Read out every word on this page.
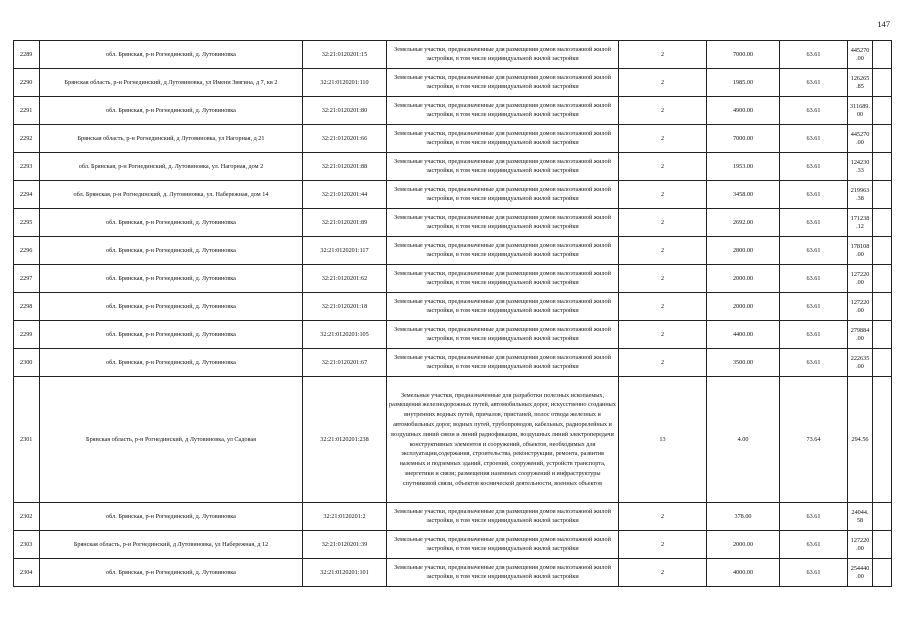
147
2289	обл. Брянская, р-н Рогнединский, д. Лутовиновка	32:21:0120201:15	Земельные участки, предназначенные для размещения домов малоэтажной жилой застройки, в том числе индивидуальной жилой застройки	2	7000.00	63.61	445270.00	
2290	Брянская область, р-н Рогнединский, д Лутовиновка, ул Имени Звягина, д 7, кв 2	32:21:0120201:110	Земельные участки, предназначенные для размещения домов малоэтажной жилой застройки, в том числе индивидуальной жилой застройки	2	1985.00	63.61	126265.85	
2291	обл. Брянская, р-н Рогнединский, д. Лутовиновка	32:21:0120201:80	Земельные участки, предназначенные для размещения домов малоэтажной жилой застройки, в том числе индивидуальной жилой застройки	2	4900.00	63.61	311689.00	
2292	Брянская область, р-н Рогнединский, д Лутовиновка, ул Нагорная, д 21	32:21:0120201:66	Земельные участки, предназначенные для размещения домов малоэтажной жилой застройки, в том числе индивидуальной жилой застройки	2	7000.00	63.61	445270.00	
2293	обл. Брянская, р-н Рогнединский, д. Лутовиновка, ул. Нагорная, дом 2	32:21:0120201:88	Земельные участки, предназначенные для размещения домов малоэтажной жилой застройки, в том числе индивидуальной жилой застройки	2	1953.00	63.61	124230.33	
2294	обл. Брянская, р-н Рогнединский, д. Лутовиновка, ул. Набережная, дом 14	32:21:0120201:44	Земельные участки, предназначенные для размещения домов малоэтажной жилой застройки, в том числе индивидуальной жилой застройки	2	3458.00	63.61	219963.38	
2295	обл. Брянская, р-н Рогнединский, д. Лутовиновка	32:21:0120201:89	Земельные участки, предназначенные для размещения домов малоэтажной жилой застройки, в том числе индивидуальной жилой застройки	2	2692.00	63.61	171238.12	
2296	обл. Брянская, р-н Рогнединский, д. Лутовиновка	32:21:0120201:117	Земельные участки, предназначенные для размещения домов малоэтажной жилой застройки, в том числе индивидуальной жилой застройки	2	2800.00	63.61	178108.00	
2297	обл. Брянская, р-н Рогнединский, д. Лутовиновка	32:21:0120201:62	Земельные участки, предназначенные для размещения домов малоэтажной жилой застройки, в том числе индивидуальной жилой застройки	2	2000.00	63.61	127220.00	
2298	обл. Брянская, р-н Рогнединский, д. Лутовиновка	32:21:0120201:18	Земельные участки, предназначенные для размещения домов малоэтажной жилой застройки, в том числе индивидуальной жилой застройки	2	2000.00	63.61	127220.00	
2299	обл. Брянская, р-н Рогнединский, д. Лутовиновка	32:21:0120201:105	Земельные участки, предназначенные для размещения домов малоэтажной жилой застройки, в том числе индивидуальной жилой застройки	2	4400.00	63.61	279884.00	
2300	обл. Брянская, р-н Рогнединский, д. Лутовиновка	32:21:0120201:67	Земельные участки, предназначенные для размещения домов малоэтажной жилой застройки, в том числе индивидуальной жилой застройки	2	3500.00	63.61	222635.00	
2301	Брянская область, р-н Рогнединский, д Лутовиновка, ул Садовая	32:21:0120201:238	Земельные участки, предназначенные для разработки полезных ископаемых, размещения железнодорожных путей, автомобильных дорог, искусственно созданных внутренних водных путей, причалов, пристаней, полос отвода железных и автомобильных дорог, водных путей, трубопроводов, кабельных, радиорелейных и воздушных линий связи и линий радиофикации, воздушных линий электропередачи конструктивных элементов и сооружений, объектов, необходимых для эксплуатации,содержания, строительства, реконструкции, ремонта, развития наземных и подземных зданий, строений, сооружений, устройств транспорта, энергетики и связи; размещения наземных сооружений и инфраструктуры спутниковой связи, объектов космической деятельности, военных объектов	13	4.00	73.64	294.56	
2302	обл. Брянская, р-н Рогнединский, д. Лутовиновка	32:21:0120201:2	Земельные участки, предназначенные для размещения домов малоэтажной жилой застройки, в том числе индивидуальной жилой застройки	2	378.00	63.61	24044.58	
2303	Брянская область, р-н Рогнединский, д Лутовиновка, ул Набережная, д 12	32:21:0120201:39	Земельные участки, предназначенные для размещения домов малоэтажной жилой застройки, в том числе индивидуальной жилой застройки	2	2000.00	63.61	127220.00	
2304	обл. Брянская, р-н Рогнединский, д. Лутовиновка	32:21:0120201:101	Земельные участки, предназначенные для размещения домов малоэтажной жилой застройки, в том числе индивидуальной жилой застройки	2	4000.00	63.61	254440.00	
